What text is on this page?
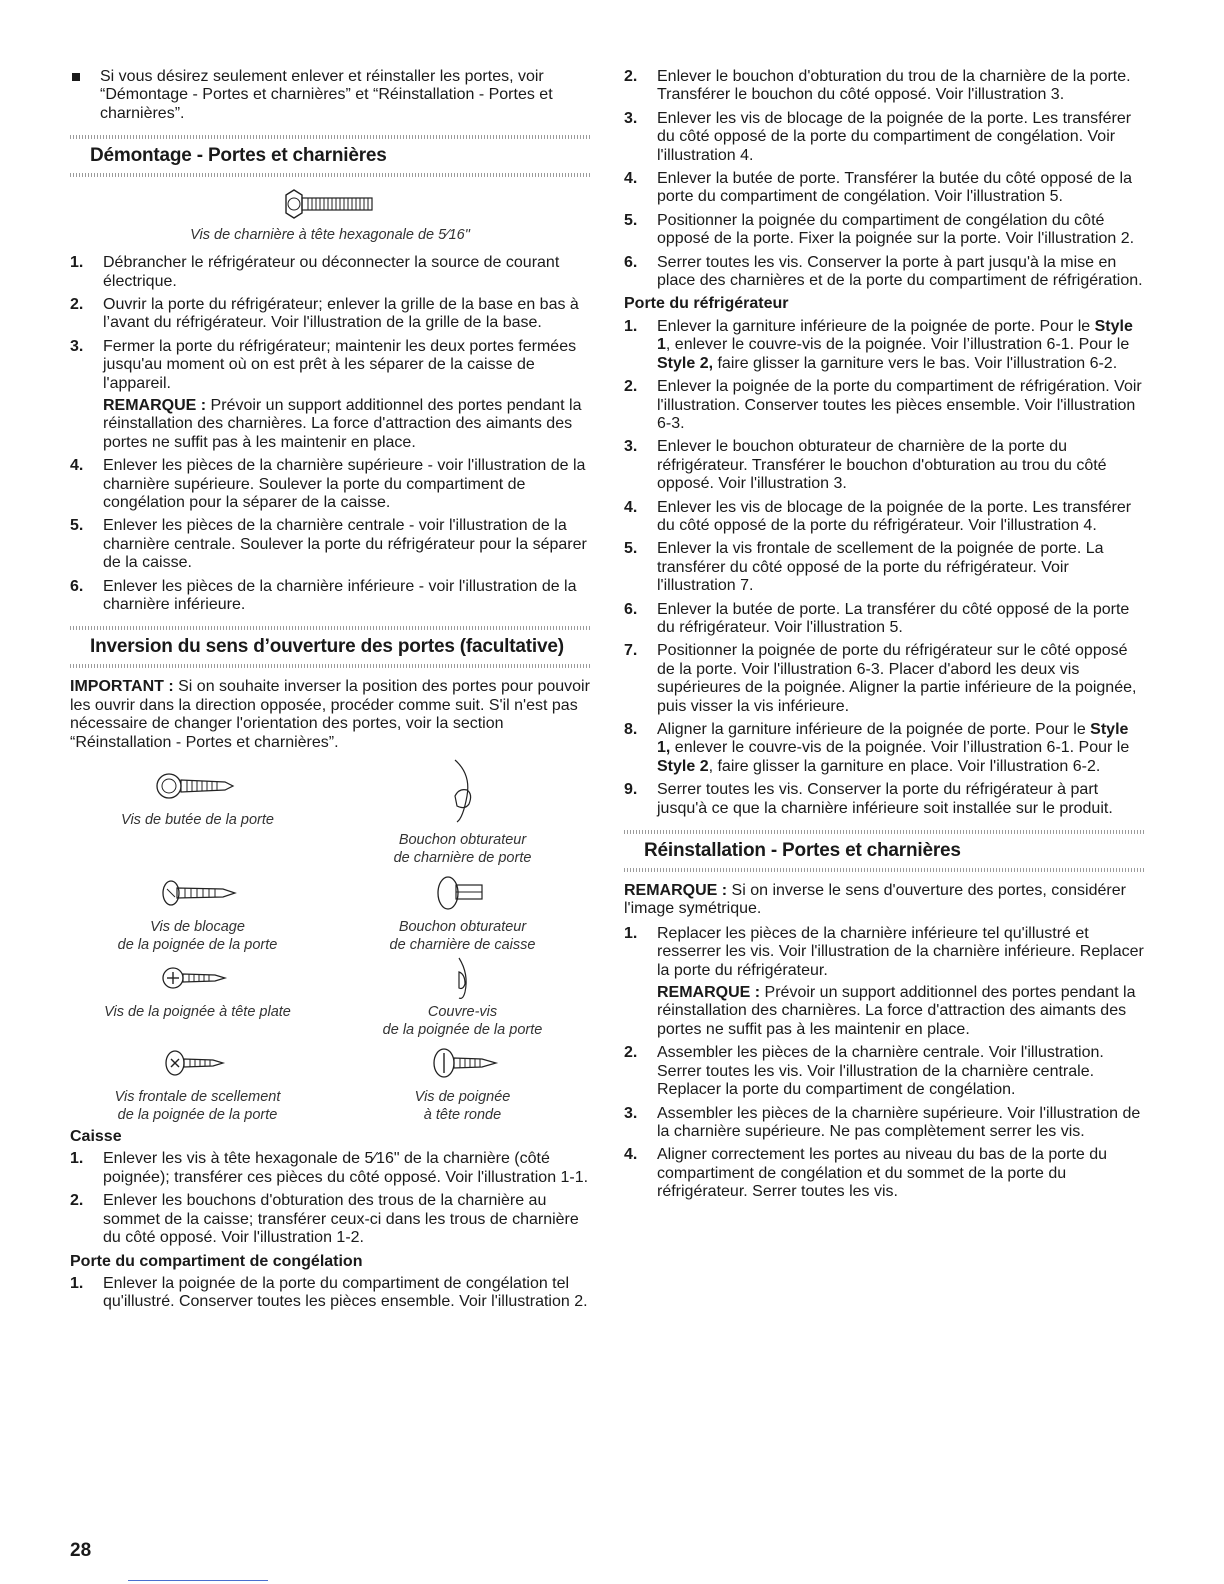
Si vous désirez seulement enlever et réinstaller les portes, voir “Démontage - Portes et charnières” et “Réinstallation - Portes et charnières”.

Démontage - Portes et charnières
Vis de charnière à tête hexagonale de 5⁄16"
1. Débrancher le réfrigérateur ou déconnecter la source de courant électrique.
2. Ouvrir la porte du réfrigérateur; enlever la grille de la base en bas à l’avant du réfrigérateur. Voir l'illustration de la grille de la base.
3. Fermer la porte du réfrigérateur; maintenir les deux portes fermées jusqu'au moment où on est prêt à les séparer de la caisse de l'appareil.
REMARQUE : Prévoir un support additionnel des portes pendant la réinstallation des charnières. La force d'attraction des aimants des portes ne suffit pas à les maintenir en place.
4. Enlever les pièces de la charnière supérieure - voir l'illustration de la charnière supérieure. Soulever la porte du compartiment de congélation pour la séparer de la caisse.
5. Enlever les pièces de la charnière centrale - voir l'illustration de la charnière centrale. Soulever la porte du réfrigérateur pour la séparer de la caisse.
6. Enlever les pièces de la charnière inférieure - voir l'illustration de la charnière inférieure.
Inversion du sens d’ouverture des portes (facultative)

IMPORTANT : Si on souhaite inverser la position des portes pour pouvoir les ouvrir dans la direction opposée, procéder comme suit. S'il n'est pas nécessaire de changer l'orientation des portes, voir la section “Réinstallation - Portes et charnières”.

Vis de butée de la porte
Bouchon obturateur
de charnière de porte
Vis de blocage
de la poignée de la porte
Bouchon obturateur
de charnière de caisse
Vis de la poignée à tête plate	Couvre-vis
de la poignée de la porte
Vis frontale de scellement
de la poignée de la porte
Vis de poignée
à tête ronde
Caisse
1. Enlever les vis à tête hexagonale de 5⁄16" de la charnière (côté poignée); transférer ces pièces du côté opposé. Voir l'illustration 1-1.
2. Enlever les bouchons d'obturation des trous de la charnière au sommet de la caisse; transférer ceux-ci dans les trous de charnière du côté opposé. Voir l'illustration 1-2.
Porte du compartiment de congélation
1. Enlever la poignée de la porte du compartiment de congélation tel qu'illustré. Conserver toutes les pièces ensemble. Voir l'illustration 2.
2. Enlever le bouchon d'obturation du trou de la charnière de la porte. Transférer le bouchon du côté opposé. Voir l'illustration 3.
3. Enlever les vis de blocage de la poignée de la porte. Les transférer du côté opposé de la porte du compartiment de congélation. Voir l'illustration 4.
4. Enlever la butée de porte. Transférer la butée du côté opposé de la porte du compartiment de congélation. Voir l'illustration 5.
5. Positionner la poignée du compartiment de congélation du côté opposé de la porte. Fixer la poignée sur la porte. Voir l'illustration 2.
6. Serrer toutes les vis. Conserver la porte à part jusqu'à la mise en place des charnières et de la porte du compartiment de réfrigération.
Porte du réfrigérateur
1. Enlever la garniture inférieure de la poignée de porte. Pour le Style 1, enlever le couvre-vis de la poignée. Voir l’illustration 6-1. Pour le Style 2, faire glisser la garniture vers le bas. Voir l'illustration 6-2.
2. Enlever la poignée de la porte du compartiment de réfrigération. Voir l'illustration. Conserver toutes les pièces ensemble. Voir l'illustration 6-3.
3. Enlever le bouchon obturateur de charnière de la porte du réfrigérateur. Transférer le bouchon d'obturation au trou du côté opposé. Voir l'illustration 3.
4. Enlever les vis de blocage de la poignée de la porte. Les transférer du côté opposé de la porte du réfrigérateur. Voir l'illustration 4.
5. Enlever la vis frontale de scellement de la poignée de porte. La transférer du côté opposé de la porte du réfrigérateur. Voir l'illustration 7.
6. Enlever la butée de porte. La transférer du côté opposé de la porte du réfrigérateur. Voir l'illustration 5.
7. Positionner la poignée de porte du réfrigérateur sur le côté opposé de la porte. Voir l'illustration 6-3. Placer d'abord les deux vis supérieures de la poignée. Aligner la partie inférieure de la poignée, puis visser la vis inférieure.
8. Aligner la garniture inférieure de la poignée de porte. Pour le Style 1, enlever le couvre-vis de la poignée. Voir l’illustration 6-1. Pour le Style 2, faire glisser la garniture en place. Voir l'illustration 6-2.
9. Serrer toutes les vis. Conserver la porte du réfrigérateur à part jusqu'à ce que la charnière inférieure soit installée sur le produit.
Réinstallation - Portes et charnières

REMARQUE : Si on inverse le sens d'ouverture des portes, considérer l'image symétrique.

1. Replacer les pièces de la charnière inférieure tel qu'illustré et resserrer les vis. Voir l'illustration de la charnière inférieure. Replacer la porte du réfrigérateur.
REMARQUE : Prévoir un support additionnel des portes pendant la réinstallation des charnières. La force d'attraction des aimants des portes ne suffit pas à les maintenir en place.
2. Assembler les pièces de la charnière centrale. Voir l'illustration. Serrer toutes les vis. Voir l'illustration de la charnière centrale. Replacer la porte du compartiment de congélation.
3. Assembler les pièces de la charnière supérieure. Voir l'illustration de la charnière supérieure. Ne pas complètement serrer les vis.
4. Aligner correctement les portes au niveau du bas de la porte du compartiment de congélation et du sommet de la porte du réfrigérateur. Serrer toutes les vis.
28
